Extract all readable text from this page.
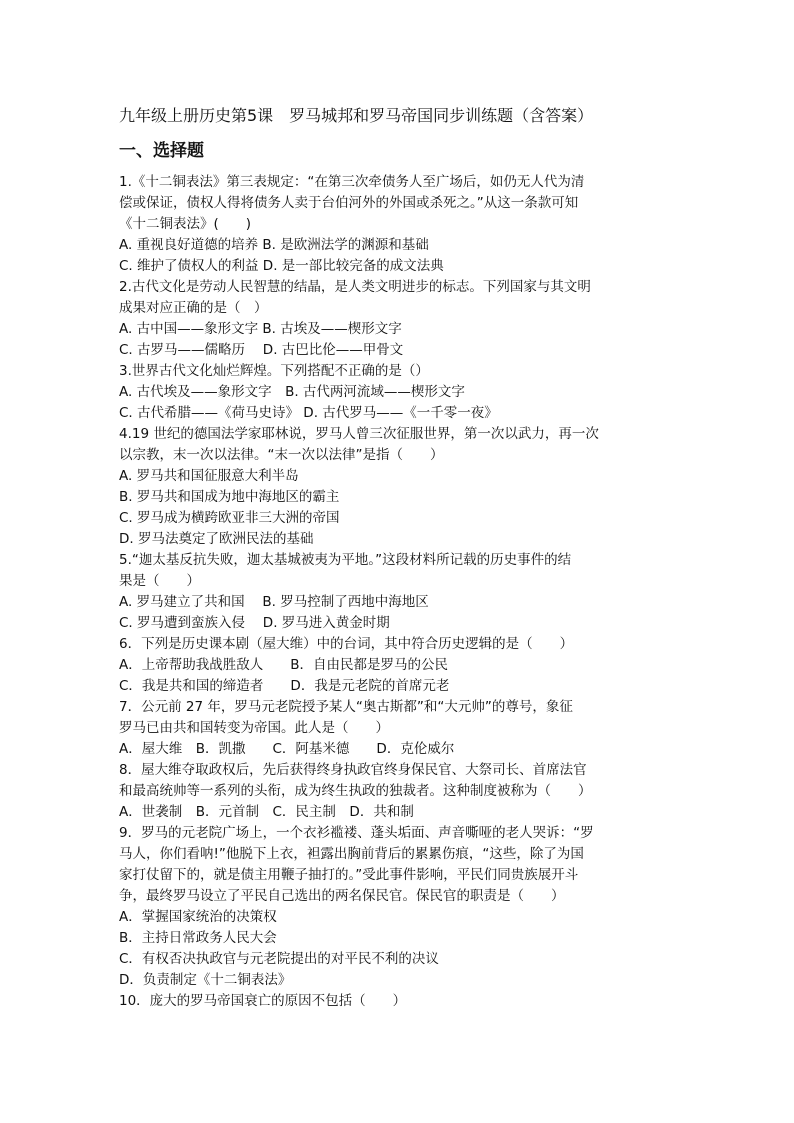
九年级上册历史第5课　罗马城邦和罗马帝国同步训练题（含答案）
一、选择题
1.《十二铜表法》第三表规定：“在第三次牵债务人至广场后，如仍无人代为清
偿或保证，债权人得将债务人卖于台伯河外的外国或杀死之。”从这一条款可知
《十二铜表法》(　　)
A. 重视良好道德的培养 B. 是欧洲法学的渊源和基础
C. 维护了债权人的利益 D. 是一部比较完备的成文法典
2.古代文化是劳动人民智慧的结晶，是人类文明进步的标志。下列国家与其文明
成果对应正确的是（　）
A. 古中国——象形文字 B. 古埃及——楔形文字
C. 古罗马——儒略历　 D. 古巴比伦——甲骨文
3.世界古代文化灿烂辉煌。下列搭配不正确的是（）
A. 古代埃及——象形文字　B. 古代两河流域——楔形文字
C. 古代希腊——《荷马史诗》 D. 古代罗马——《一千零一夜》
4.19 世纪的德国法学家耶林说，罗马人曾三次征服世界，第一次以武力，再一次
以宗教，末一次以法律。“末一次以法律”是指（　　）
A. 罗马共和国征服意大利半岛
B. 罗马共和国成为地中海地区的霸主
C. 罗马成为横跨欧亚非三大洲的帝国
D. 罗马法奠定了欧洲民法的基础
5.“迦太基反抗失败，迦太基城被夷为平地。”这段材料所记载的历史事件的结
果是（　　）
A. 罗马建立了共和国　 B. 罗马控制了西地中海地区
C. 罗马遭到蛮族入侵　 D. 罗马进入黄金时期
6．下列是历史课本剧（屋大维）中的台词，其中符合历史逻辑的是（　　）
A．上帝帮助我战胜敌人　　B．自由民都是罗马的公民
C．我是共和国的缔造者　　D．我是元老院的首席元老
7．公元前 27 年，罗马元老院授予某人“奥古斯都”和“大元帅”的尊号，象征
罗马已由共和国转变为帝国。此人是（　　）
A．屋大维　B．凯撒　　C．阿基米德　　D．克伦威尔
8．屋大维夺取政权后，先后获得终身执政官终身保民官、大祭司长、首席法官
和最高统帅等一系列的头衔，成为终生执政的独裁者。这种制度被称为（　　）
A．世袭制　B．元首制　C．民主制　D．共和制
9．罗马的元老院广场上，一个衣衫褴褛、蓬头垢面、声音嘶哑的老人哭诉：“罗
马人，你们看呐!”他脱下上衣，袒露出胸前背后的累累伤痕，“这些，除了为国
家打仗留下的，就是债主用鞭子抽打的。”受此事件影响，平民们同贵族展开斗
争，最终罗马设立了平民自己选出的两名保民官。保民官的职责是（　　）
A．掌握国家统治的决策权
B．主持日常政务人民大会
C．有权否决执政官与元老院提出的对平民不利的决议
D．负责制定《十二铜表法》
10．庞大的罗马帝国衰亡的原因不包括（　　）
